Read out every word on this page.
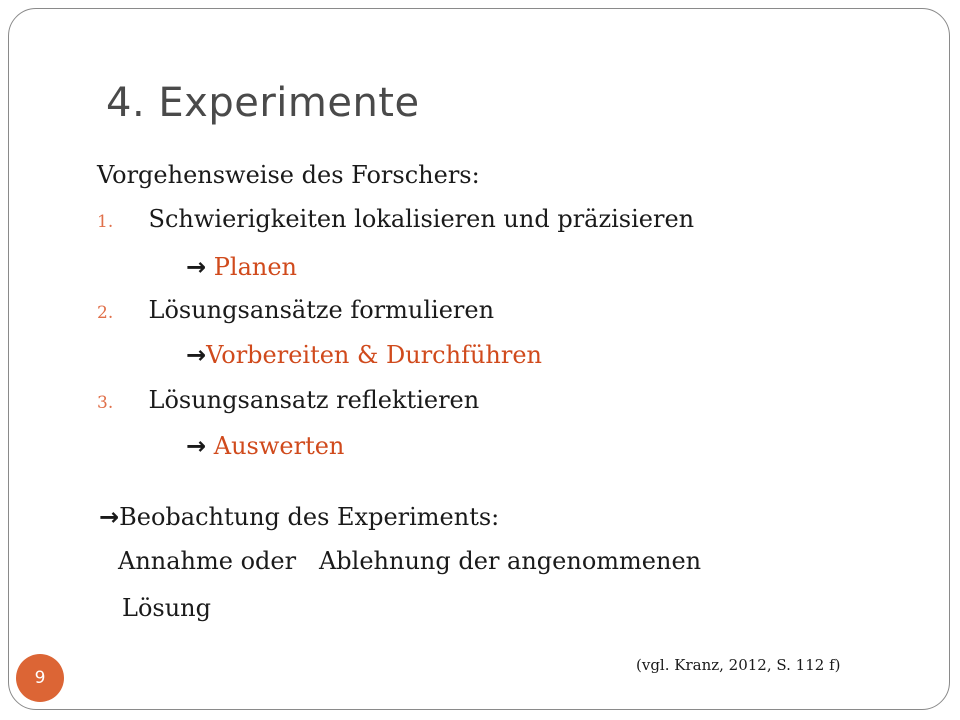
4. Experimente
Vorgehensweise des Forschers:
1. Schwierigkeiten lokalisieren und präzisieren
→ Planen
2. Lösungsansätze formulieren
→Vorbereiten & Durchführen
3. Lösungsansatz reflektieren
→ Auswerten
→Beobachtung des Experiments:
Annahme oder   Ablehnung der angenommenen
Lösung
(vgl. Kranz, 2012, S. 112 f)
9
